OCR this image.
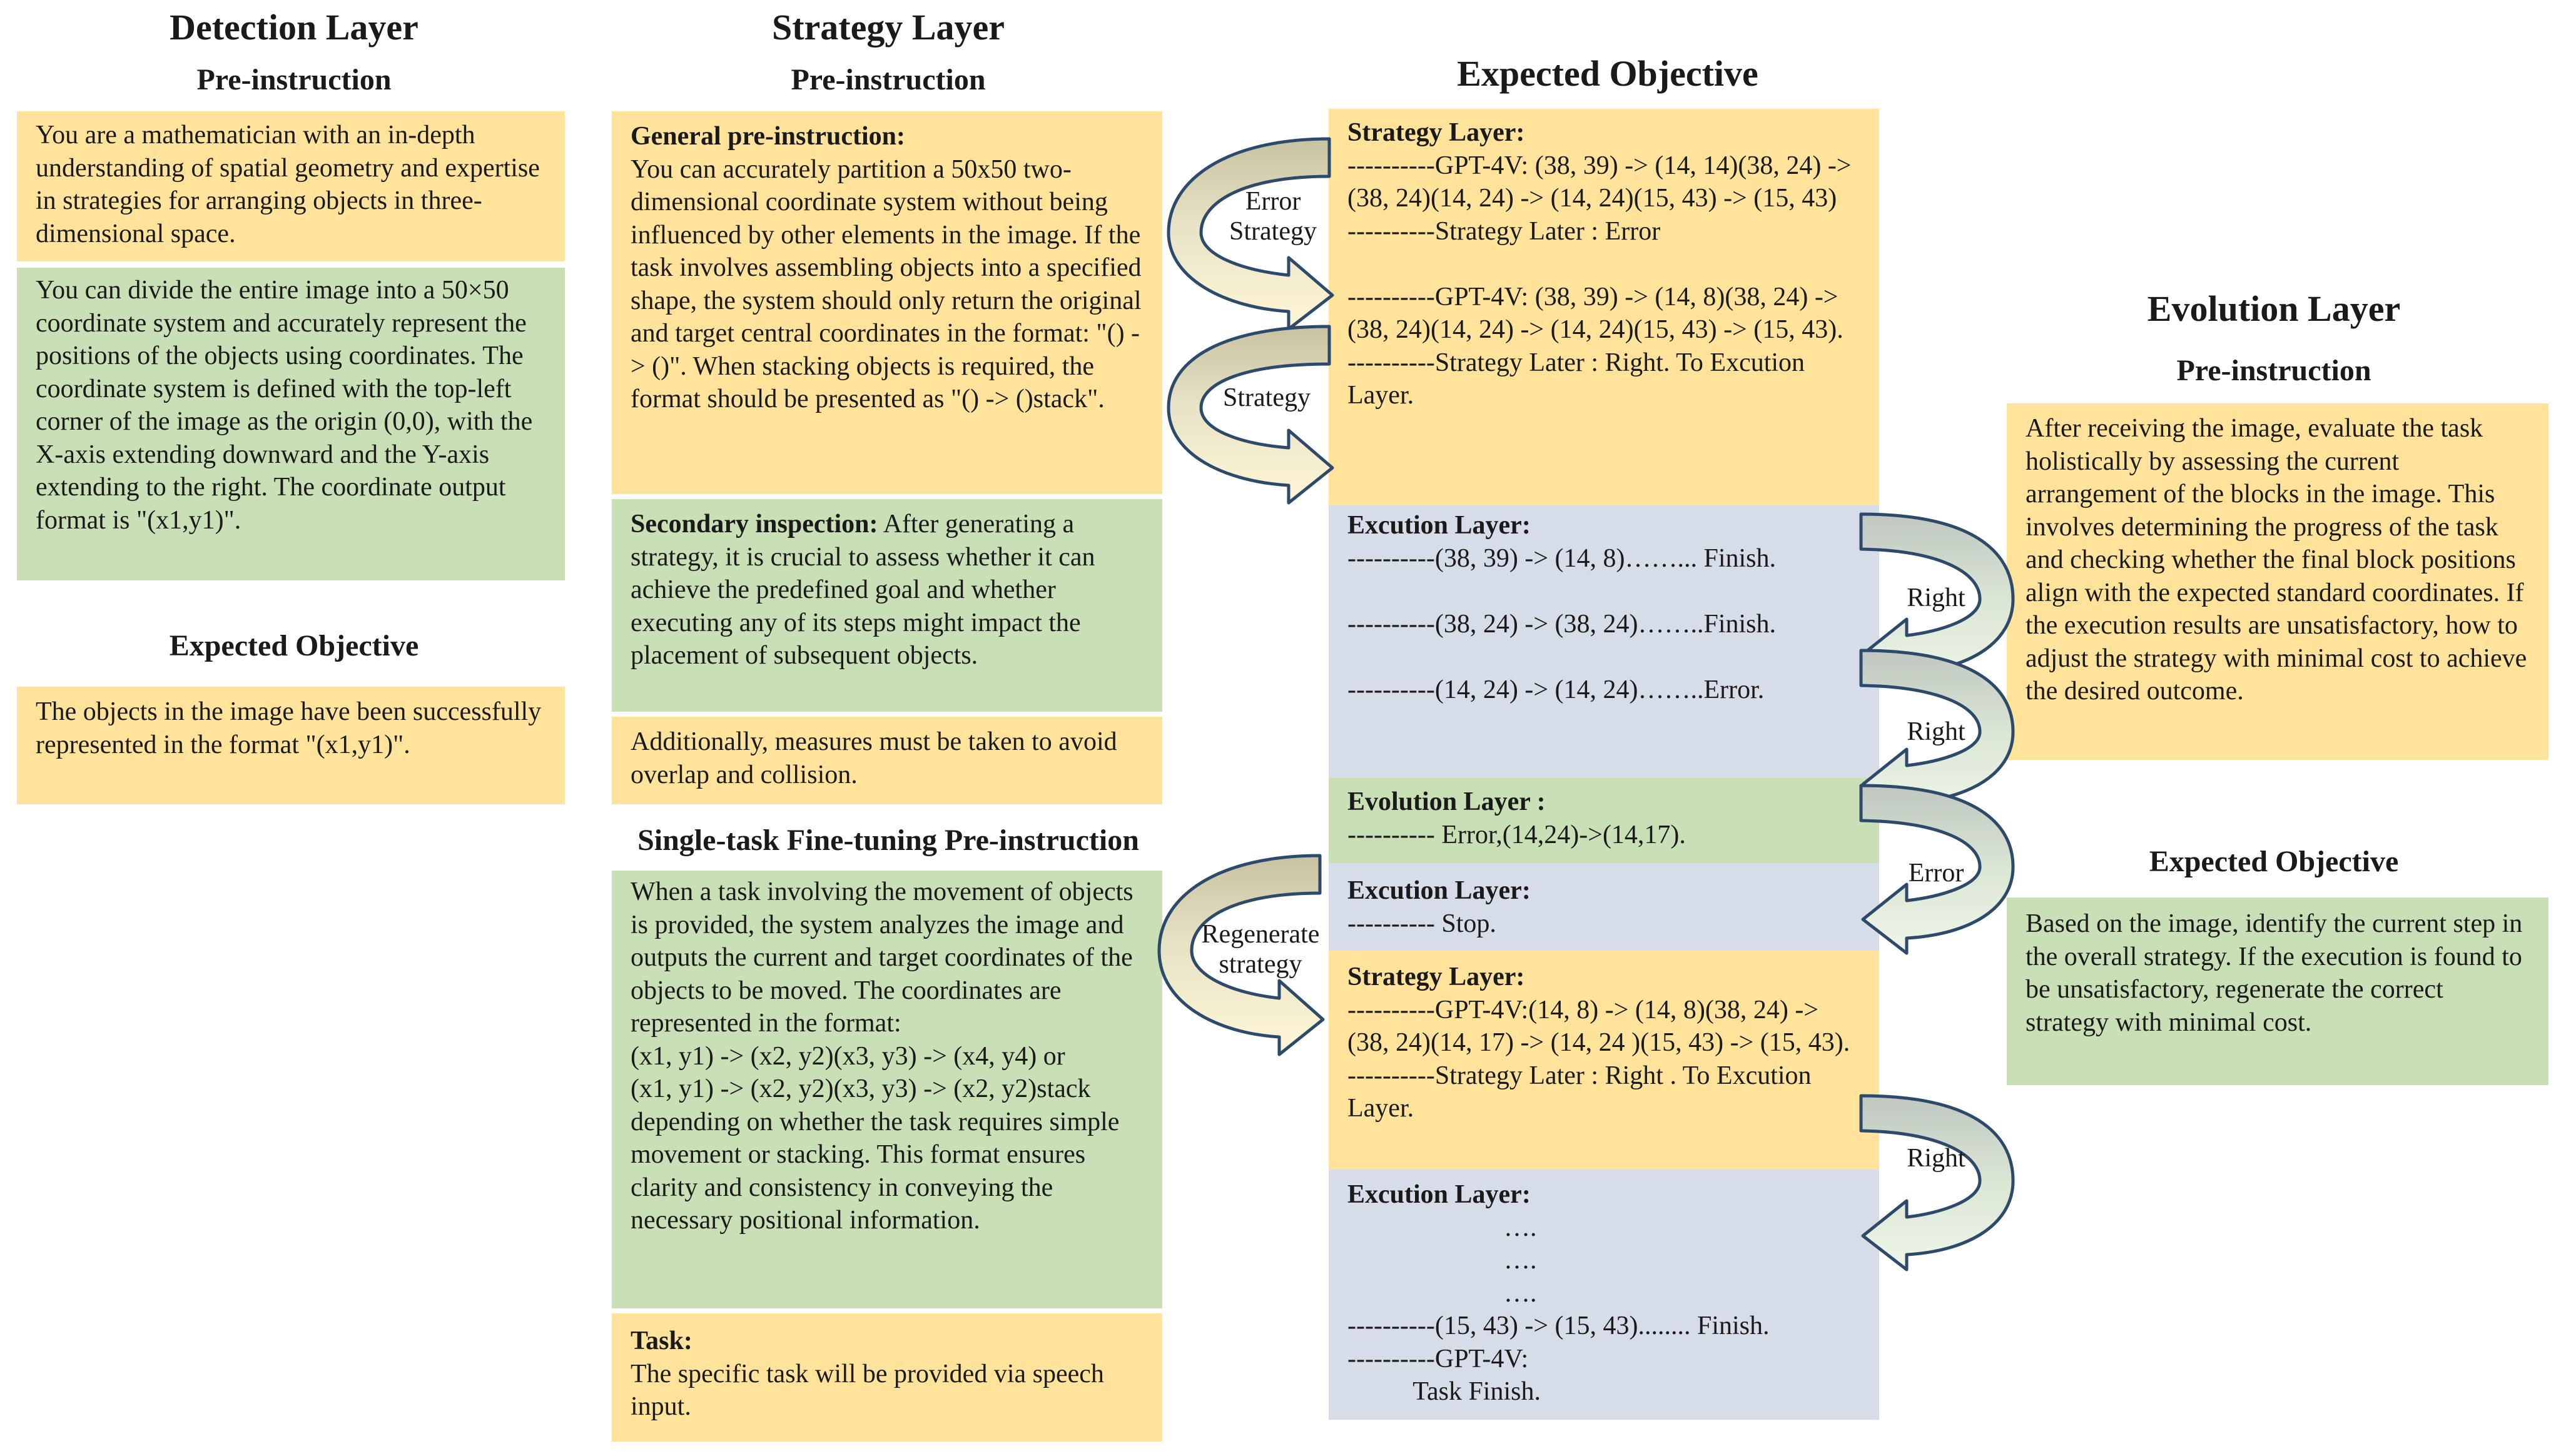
Detection Layer
Pre-instruction
Strategy Layer
Pre-instruction	Expected Objective
Evolution Layer
Pre-instruction
You are a mathematician with an in-depth understanding of spatial geometry and expertise in strategies for arranging objects in three-dimensional space.
You can divide the entire image into a 50×50 coordinate system and accurately represent the positions of the objects using coordinates. The coordinate system is defined with the top-left corner of the image as the origin (0,0), with the X-axis extending downward and the Y-axis extending to the right. The coordinate output format is "(x1,y1)".
Expected Objective
The objects in the image have been successfully represented in the format "(x1,y1)".
General pre-instruction:
You can accurately partition a 50x50 two-dimensional coordinate system without being influenced by other elements in the image. If the task involves assembling objects into a specified shape, the system should only return the original and target central coordinates in the format: "() -> ()". When stacking objects is required, the format should be presented as "() -> ()stack".
Secondary inspection: After generating a strategy, it is crucial to assess whether it can achieve the predefined goal and whether executing any of its steps might impact the placement of subsequent objects.
Additionally, measures must be taken to avoid overlap and collision.
Single-task Fine-tuning Pre-instruction
When a task involving the movement of objects is provided, the system analyzes the image and outputs the current and target coordinates of the objects to be moved. The coordinates are represented in the format:
(x1, y1) -> (x2, y2)(x3, y3) -> (x4, y4) or
(x1, y1) -> (x2, y2)(x3, y3) -> (x2, y2)stack depending on whether the task requires simple movement or stacking. This format ensures clarity and consistency in conveying the necessary positional information.
Task:
The specific task will be provided via speech input.
Strategy Layer:
----------GPT-4V: (38, 39) -> (14, 14)(38, 24) -> (38, 24)(14, 24) -> (14, 24)(15, 43) -> (15, 43)
----------Strategy Later : Error

----------GPT-4V: (38, 39) -> (14, 8)(38, 24) -> (38, 24)(14, 24) -> (14, 24)(15, 43) -> (15, 43).
----------Strategy Later : Right. To Excution Layer.
Excution Layer:
----------(38, 39) -> (14, 8)……... Finish.

----------(38, 24) -> (38, 24)……..Finish.

----------(14, 24) -> (14, 24)……..Error.
Evolution Layer :
---------- Error,(14,24)->(14,17).
Excution Layer:
---------- Stop.
Strategy Layer:
----------GPT-4V:(14, 8) -> (14, 8)(38, 24) -> (38, 24)(14, 17) -> (14, 24 )(15, 43) -> (15, 43).
----------Strategy Later : Right . To Excution Layer.
Excution Layer:
….
….
….
----------(15, 43) -> (15, 43)........ Finish.
----------GPT-4V:
Task Finish.
After receiving the image, evaluate the task holistically by assessing the current arrangement of the blocks in the image. This involves determining the progress of the task and checking whether the final block positions align with the expected standard coordinates. If the execution results are unsatisfactory, how to adjust the strategy with minimal cost to achieve the desired outcome.
Expected Objective
Based on the image, identify the current step in the overall strategy. If the execution is found to be unsatisfactory, regenerate the correct strategy with minimal cost.
Error
Strategy
Strategy
Regenerate
strategy
Right
Right
Error
Right
